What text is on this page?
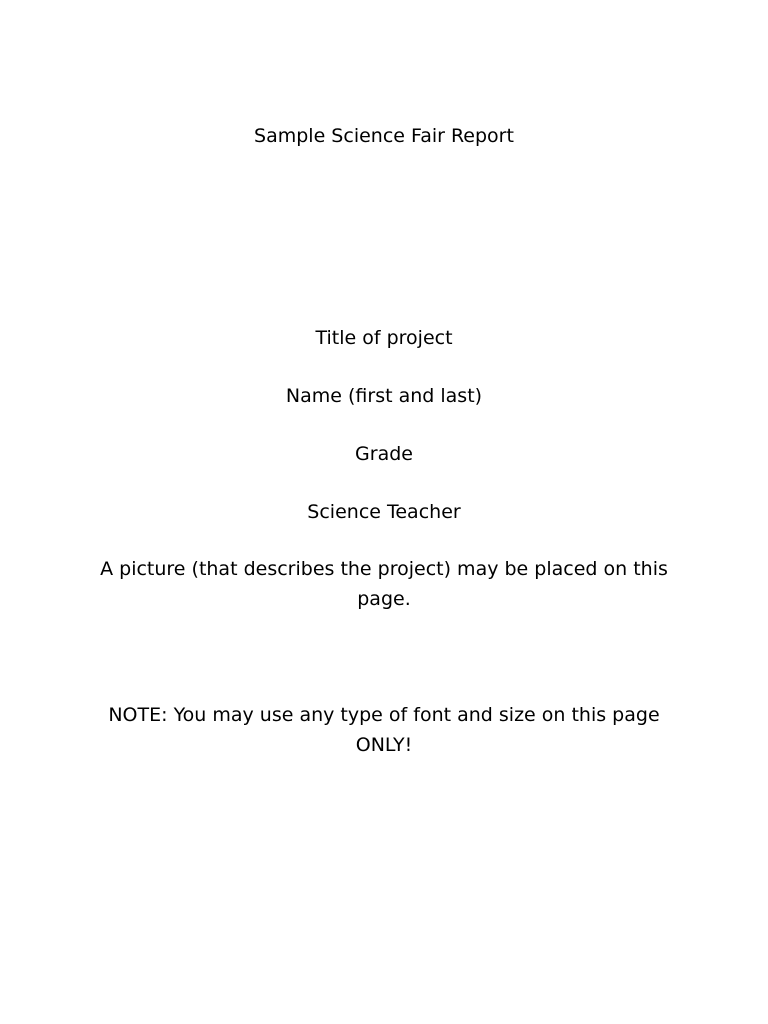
Sample Science Fair Report
Title of project
Name (first and last)
Grade
Science Teacher
A picture (that describes the project) may be placed on this page.
NOTE: You may use any type of font and size on this page ONLY!
